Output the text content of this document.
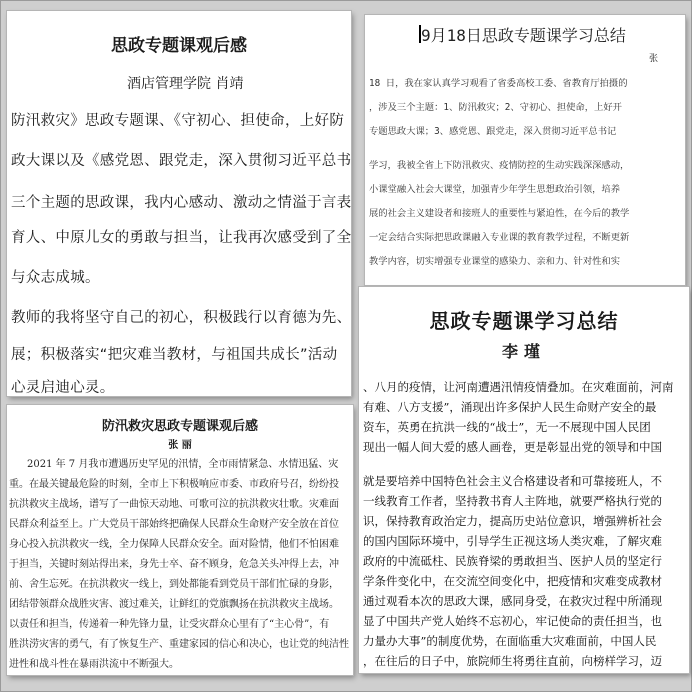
思政专题课观后感
酒店管理学院 肖靖
防汛救灾》思政专题课、《守初心、担使命，上好防
政大课以及《感党恩、跟党走，深入贯彻习近平总书
三个主题的思政课，我内心感动、激动之情溢于言表
育人、中原儿女的勇敢与担当，让我再次感受到了全
与众志成城。
教师的我将坚守自己的初心，积极践行以育德为先、
展；积极落实“把灾难当教材，与祖国共成长”活动
心灵启迪心灵。
9月18日思政专题课学习总结
张
18 日，我在家认真学习观看了省委高校工委、省教育厅拍摄的
，涉及三个主题：1、防汛救灾；2、守初心、担使命，上好开
专题思政大课；3、感党恩、跟党走，深入贯彻习近平总书记
学习，我被全省上下防汛救灾、疫情防控的生动实践深深感动，
小课堂融入社会大课堂，加强青少年学生思想政治引领，培养
展的社会主义建设者和接班人的重要性与紧迫性，在今后的教学
一定会结合实际把思政课融入专业课的教育教学过程，不断更新
教学内容，切实增强专业课堂的感染力、亲和力、针对性和实
防汛救灾思政专题课观后感
张 丽
2021 年 7 月我市遭遇历史罕见的汛情，全市雨情紧急、水情迅猛、灾
重。在最关键最危险的时刻，全市上下积极响应市委、市政府号召，纷纷投
抗洪救灾主战场，谱写了一曲惊天动地、可歌可泣的抗洪救灾壮歌。灾难面
民群众利益至上。广大党员干部始终把确保人民群众生命财产安全放在首位
身心投入抗洪救灾一线，全力保障人民群众安全。面对险情，他们不怕困难
于担当，关键时刻站得出来，身先士卒、奋不顾身，危急关头冲得上去，冲
前、舍生忘死。在抗洪救灾一线上，到处都能看到党员干部们忙碌的身影，
团结带领群众战胜灾害、渡过难关，让鲜红的党旗飘扬在抗洪救灾主战场。
以责任和担当，传递着一种先锋力量，让受灾群众心里有了“主心骨”，有
胜洪涝灾害的勇气，有了恢复生产、重建家园的信心和决心，也让党的纯洁性
进性和战斗性在暴雨洪流中不断强大。
思政专题课学习总结
李瑾
、八月的疫情，让河南遭遇汛情疫情叠加。在灾难面前，河南
有难、八方支援”，涌现出许多保护人民生命财产安全的最
资车，英勇在抗洪一线的“战士”，无一不展现中国人民团
现出一幅人间大爱的感人画卷，更是彰显出党的领导和中国
就是要培养中国特色社会主义合格建设者和可靠接班人，不
一线教育工作者，坚持教书育人主阵地，就要严格执行党的
识，保持教育政治定力，提高历史站位意识，增强辨析社会
的国内国际环境中，引导学生正视这场人类灾难，了解灾难
政府的中流砥柱、民族脊梁的勇敢担当、医护人员的坚定行
学条件变化中，在交流空间变化中，把疫情和灾难变成教材
通过观看本次的思政大课，感同身受，在救灾过程中所涌现
显了中国共产党人始终不忘初心，牢记使命的责任担当，也
力量办大事”的制度优势，在面临重大灾难面前，中国人民
，在往后的日子中，旅院师生将勇往直前，向榜样学习，迈
